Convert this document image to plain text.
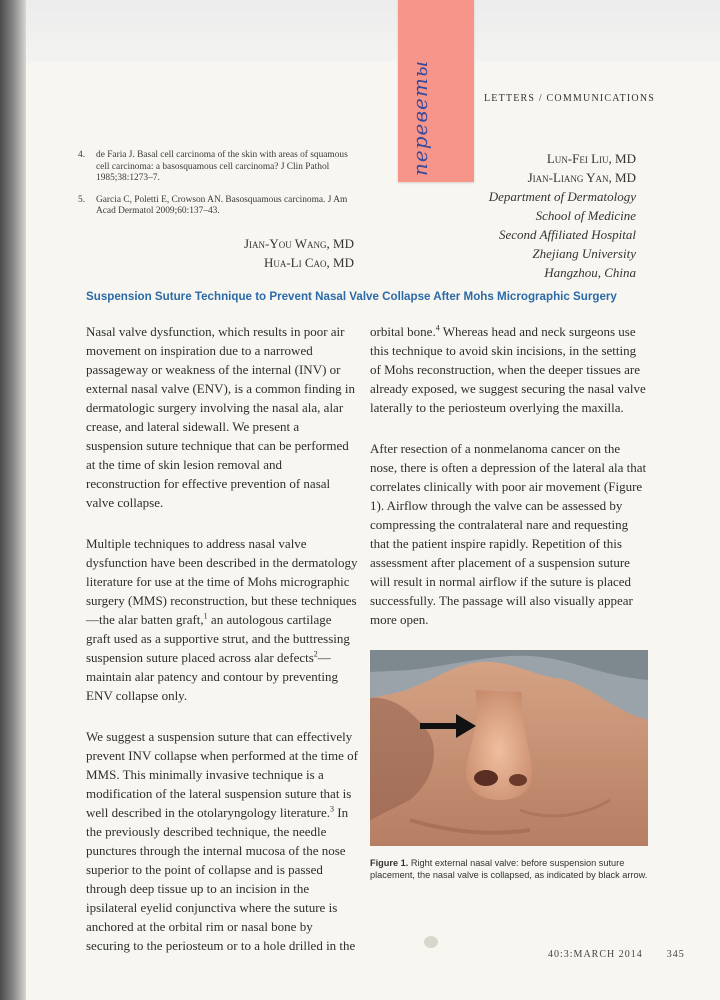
переветы	LETTERS / COMMUNICATIONS
4. de Faria J. Basal cell carcinoma of the skin with areas of squamous cell carcinoma: a basosquamous cell carcinoma? J Clin Pathol 1985;38:1273–7.
5. Garcia C, Poletti E, Crowson AN. Basosquamous carcinoma. J Am Acad Dermatol 2009;60:137–43.
Jian-You Wang, MD
Hua-Li Cao, MD
Lun-Fei Liu, MD
Jian-Liang Yan, MD
Department of Dermatology
School of Medicine
Second Affiliated Hospital
Zhejiang University
Hangzhou, China
Suspension Suture Technique to Prevent Nasal Valve Collapse After Mohs Micrographic Surgery

Nasal valve dysfunction, which results in poor air movement on inspiration due to a narrowed passageway or weakness of the internal (INV) or external nasal valve (ENV), is a common finding in dermatologic surgery involving the nasal ala, alar crease, and lateral sidewall. We present a suspension suture technique that can be performed at the time of skin lesion removal and reconstruction for effective prevention of nasal valve collapse.

Multiple techniques to address nasal valve dysfunction have been described in the dermatology literature for use at the time of Mohs micrographic surgery (MMS) reconstruction, but these techniques—the alar batten graft,$^1$ an autologous cartilage graft used as a supportive strut, and the buttressing suspension suture placed across alar defects$^2$—maintain alar patency and contour by preventing ENV collapse only.

We suggest a suspension suture that can effectively prevent INV collapse when performed at the time of MMS. This minimally invasive technique is a modification of the lateral suspension suture that is well described in the otolaryngology literature.$^3$ In the previously described technique, the needle punctures through the internal mucosa of the nose superior to the point of collapse and is passed through deep tissue up to an incision in the ipsilateral eyelid conjunctiva where the suture is anchored at the orbital rim or nasal bone by securing to the periosteum or to a hole drilled in the

orbital bone.$^4$ Whereas head and neck surgeons use this technique to avoid skin incisions, in the setting of Mohs reconstruction, when the deeper tissues are already exposed, we suggest securing the nasal valve laterally to the periosteum overlying the maxilla.

After resection of a nonmelanoma cancer on the nose, there is often a depression of the lateral ala that correlates clinically with poor air movement (Figure 1). Airflow through the valve can be assessed by compressing the contralateral nare and requesting that the patient inspire rapidly. Repetition of this assessment after placement of a suspension suture will result in normal airflow if the suture is placed successfully. The passage will also visually appear more open.

Figure 1. Right external nasal valve: before suspension suture placement, the nasal valve is collapsed, as indicated by black arrow.
40:3:MARCH 2014 345
